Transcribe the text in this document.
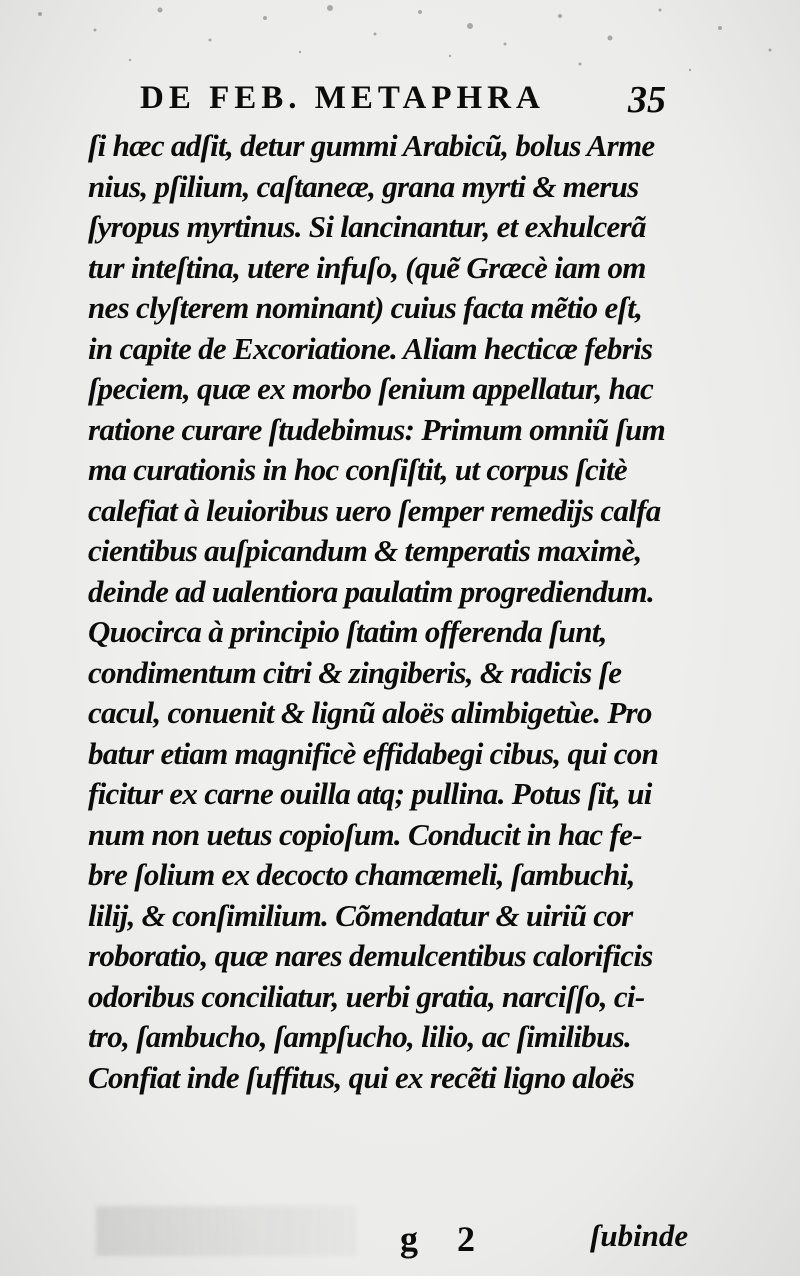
DE FEB. METAPHRA	35
ſi hæc adſit, detur gummi Arabicũ, bolus Arme
nius, pſilium, caſtaneæ, grana myrti & merus
ſyropus myrtinus. Si lancinantur, et exhulcerã
tur inteſtina, utere infuſo, (quẽ Græcè iam om
nes clyſterem nominant) cuius facta mẽtio eſt,
in capite de Excoriatione. Aliam hecticæ febris
ſpeciem, quæ ex morbo ſenium appellatur, hac
ratione curare ſtudebimus: Primum omniũ ſum
ma curationis in hoc conſiſtit, ut corpus ſcitè
calefiat à leuioribus uero ſemper remedijs calfa
cientibus auſpicandum & temperatis maximè,
deinde ad ualentiora paulatim progrediendum.
Quocirca à principio ſtatim offerenda ſunt,
condimentum citri & zingiberis, & radicis ſe
cacul, conuenit & lignũ aloës alimbigetùe. Pro
batur etiam magnificè effidabegi cibus, qui con
ficitur ex carne ouilla atq; pullina. Potus ſit, ui
num non uetus copioſum. Conducit in hac fe-
bre ſolium ex decocto chamæmeli, ſambuchi,
lilij, & conſimilium. Cõmendatur & uiriũ cor
roboratio, quæ nares demulcentibus calorificis
odoribus conciliatur, uerbi gratia, narciſſo, ci-
tro, ſambucho, ſampſucho, lilio, ac ſimilibus.
Confiat inde ſuffitus, qui ex recẽti ligno aloës
g 2	ſubinde
